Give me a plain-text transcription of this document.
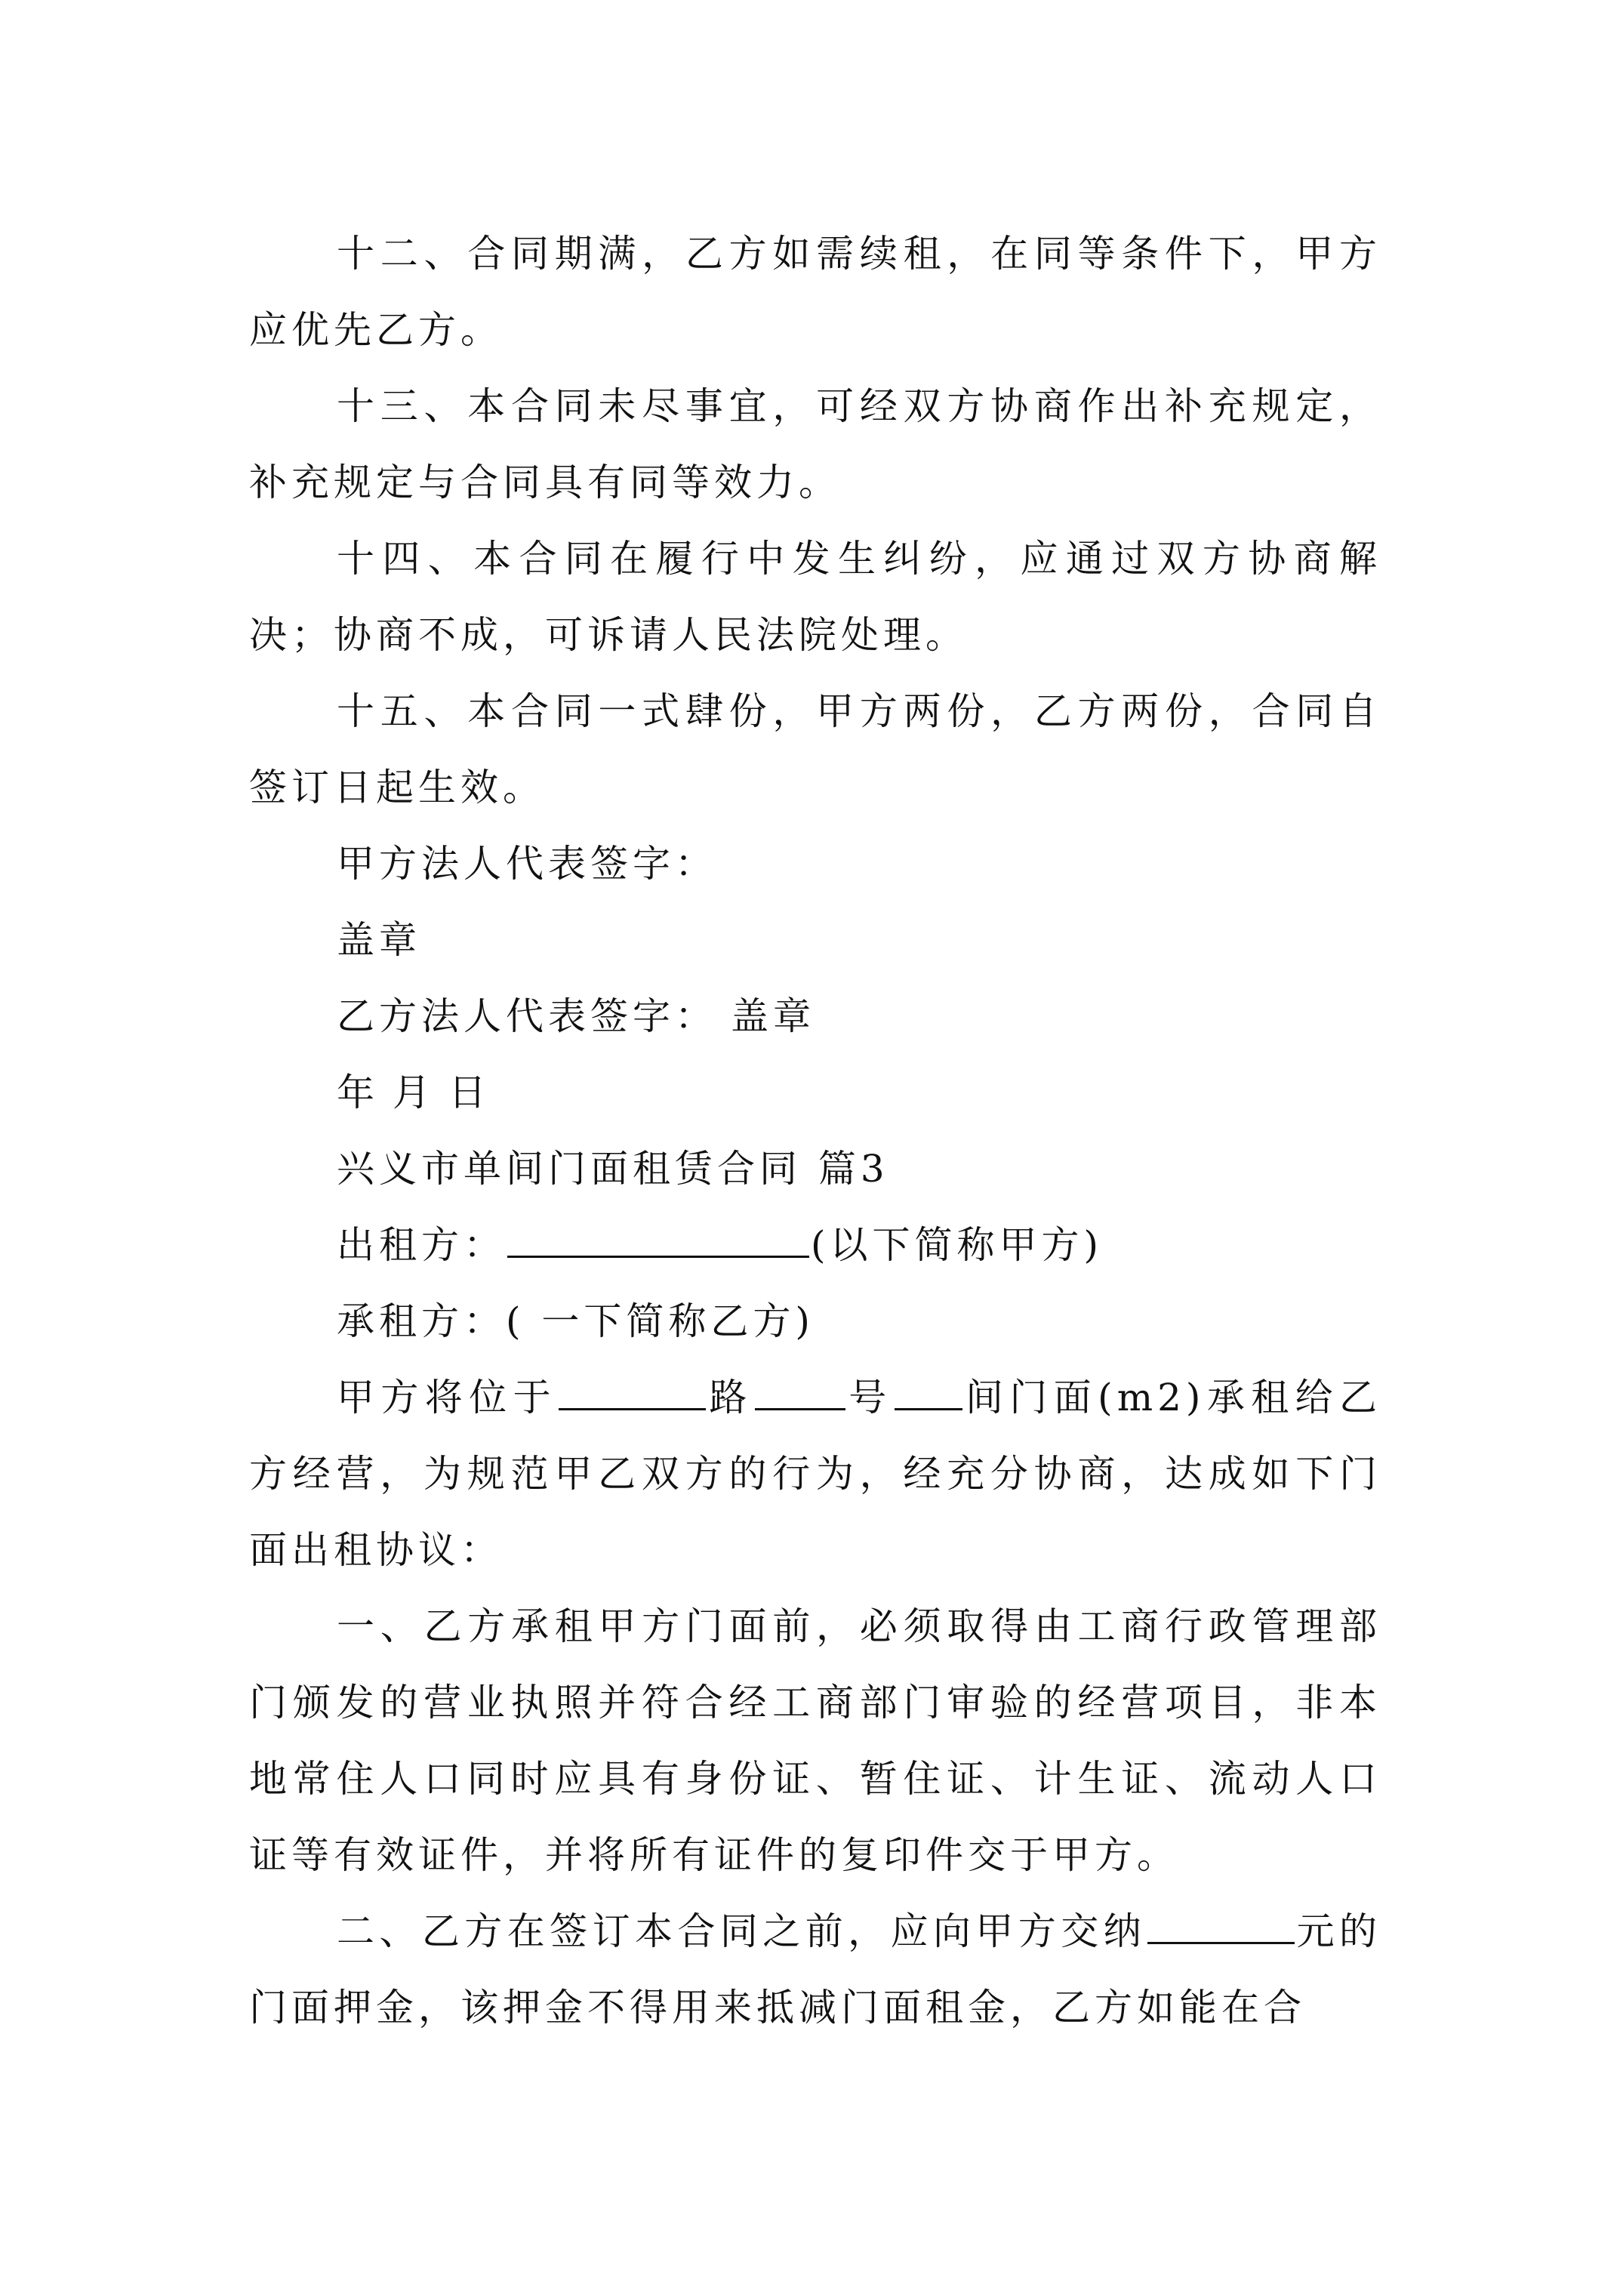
十二、合同期满，乙方如需续租，在同等条件下，甲方应优先乙方。

十三、本合同未尽事宜，可经双方协商作出补充规定，补充规定与合同具有同等效力。

十四、本合同在履行中发生纠纷，应通过双方协商解决；协商不成，可诉请人民法院处理。

十五、本合同一式肆份，甲方两份，乙方两份，合同自签订日起生效。

甲方法人代表签字：

盖章

乙方法人代表签字： 盖章

年 月 日

兴义市单间门面租赁合同 篇3

出租方：	(以下简称甲方)

承租方：( 一下简称乙方)

甲方将位于	路 号 间门面(m2)承租给乙方经营，为规范甲乙双方的行为，经充分协商，达成如下门面出租协议：

一、乙方承租甲方门面前，必须取得由工商行政管理部门颁发的营业执照并符合经工商部门审验的经营项目，非本地常住人口同时应具有身份证、暂住证、计生证、流动人口证等有效证件，并将所有证件的复印件交于甲方。

二、乙方在签订本合同之前，应向甲方交纳	元的门面押金，该押金不得用来抵减门面租金，乙方如能在合
